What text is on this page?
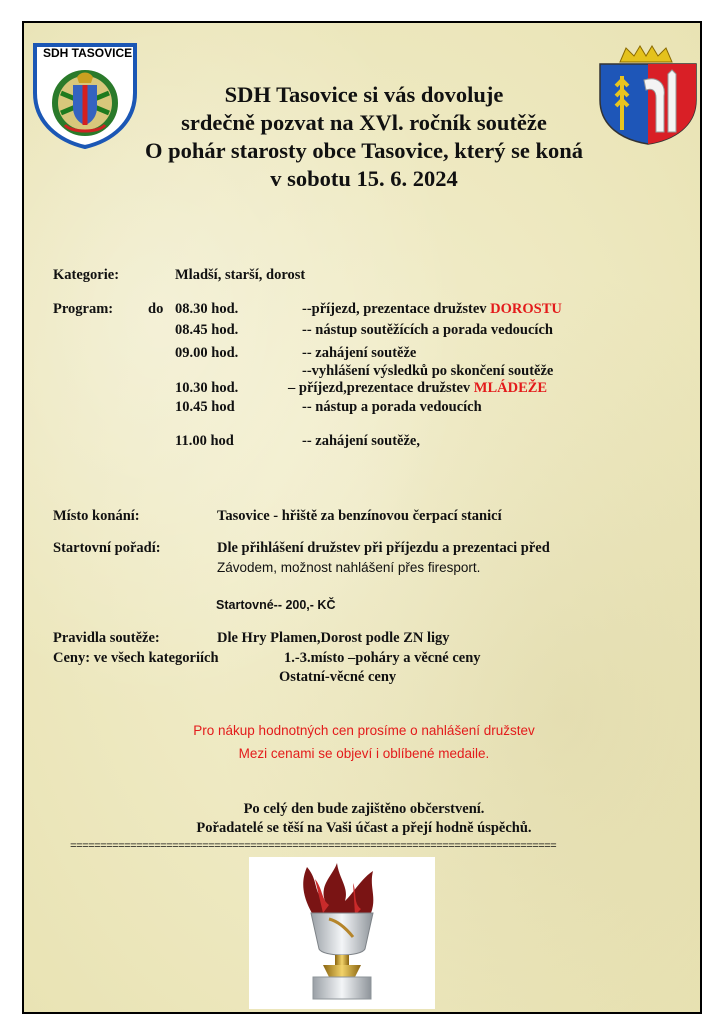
SDH TASOVICE
SDH Tasovice si vás dovoluje
srdečně pozvat na XVl. ročník soutěže
O pohár starosty obce Tasovice, který se koná
v sobotu 15. 6. 2024
Kategorie:	Mladší, starší, dorost
Program: do 08.30 hod.	--příjezd, prezentace družstev DOROSTU
08.45 hod.	-- nástup soutěžících a porada vedoucích
09.00 hod.	-- zahájení soutěže
--vyhlášení výsledků po skončení soutěže
10.30 hod.	– příjezd,prezentace družstev MLÁDEŽE
10.45 hod	-- nástup a porada vedoucích
11.00 hod	-- zahájení soutěže,
Místo konání:	Tasovice - hřiště za benzínovou čerpací stanicí
Startovní pořadí:	Dle přihlášení družstev při příjezdu a prezentaci před
Závodem, možnost nahlášení přes firesport.
Startovné-- 200,- KČ
Pravidla soutěže:	Dle Hry Plamen,Dorost podle ZN ligy
Ceny: ve všech kategoriích	1.-3.místo –poháry a věcné ceny
Ostatní-věcné ceny
Pro nákup hodnotných cen prosíme o nahlášení družstev
Mezi cenami se objeví i oblíbené medaile.
Po celý den bude zajištěno občerstvení.
Pořadatelé se těší na Vaši účast a přejí hodně úspěchů.
=================================================================================
